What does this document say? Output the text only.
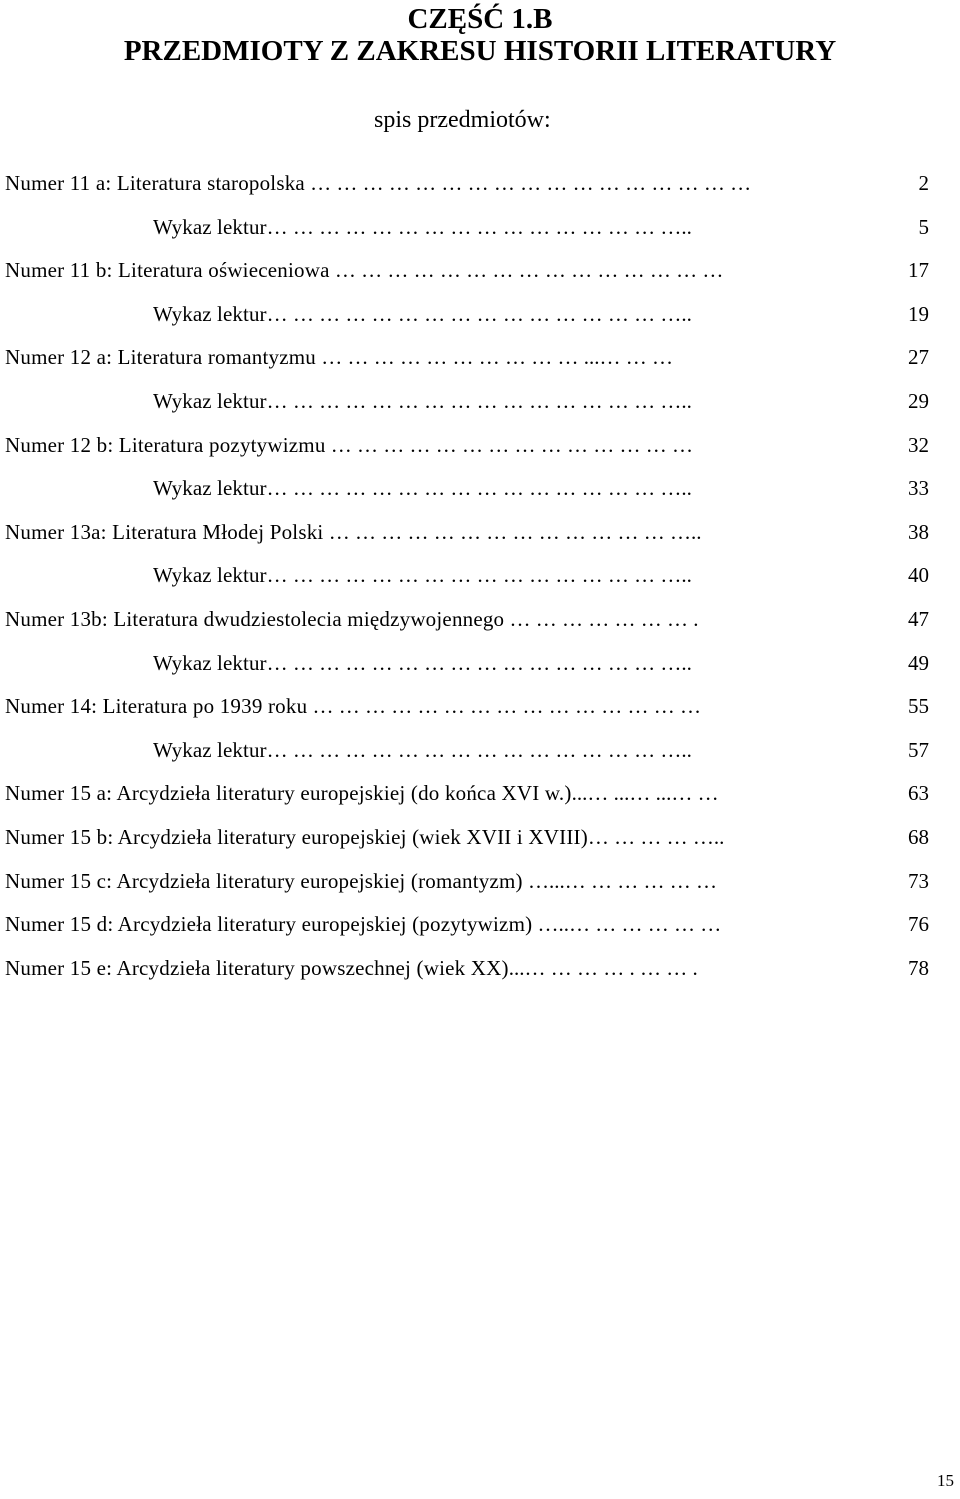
CZĘŚĆ 1.B
PRZEDMIOTY Z ZAKRESU HISTORII LITERATURY
spis przedmiotów:
Numer 11 a: Literatura staropolska … … … … … … … … … … … … … … … … …	2
Wykaz lektur… … … … … … … … … … … … … … … …..	5
Numer 11 b: Literatura oświeceniowa … … … … … … … … … … … … … … …	17
Wykaz lektur… … … … … … … … … … … … … … … …..	19
Numer 12 a: Literatura romantyzmu … … … … … … … … … … ...… … …	27
Wykaz lektur… … … … … … … … … … … … … … … …..	29
Numer 12 b: Literatura pozytywizmu … … … … … … … … … … … … … …	32
Wykaz lektur… … … … … … … … … … … … … … … …..	33
Numer 13a: Literatura Młodej Polski … … … … … … … … … … … … … …..	38
Wykaz lektur… … … … … … … … … … … … … … … …..	40
Numer 13b: Literatura dwudziestolecia międzywojennego … … … … … … … .	47
Wykaz lektur… … … … … … … … … … … … … … … …..	49
Numer 14: Literatura po 1939 roku … … … … … … … … … … … … … … …	55
Wykaz lektur… … … … … … … … … … … … … … … …..	57
Numer 15 a: Arcydzieła literatury europejskiej (do końca XVI w.)...… ...… ...… …	63
Numer 15 b: Arcydzieła literatury europejskiej (wiek XVII i XVIII)… … … … …..	68
Numer 15 c: Arcydzieła literatury europejskiej (romantyzm) …...… … … … … …	73
Numer 15 d: Arcydzieła literatury europejskiej (pozytywizm) …..… … … … … …	76
Numer 15 e: Arcydzieła literatury powszechnej (wiek XX)...… … … … . … … .	78
15
